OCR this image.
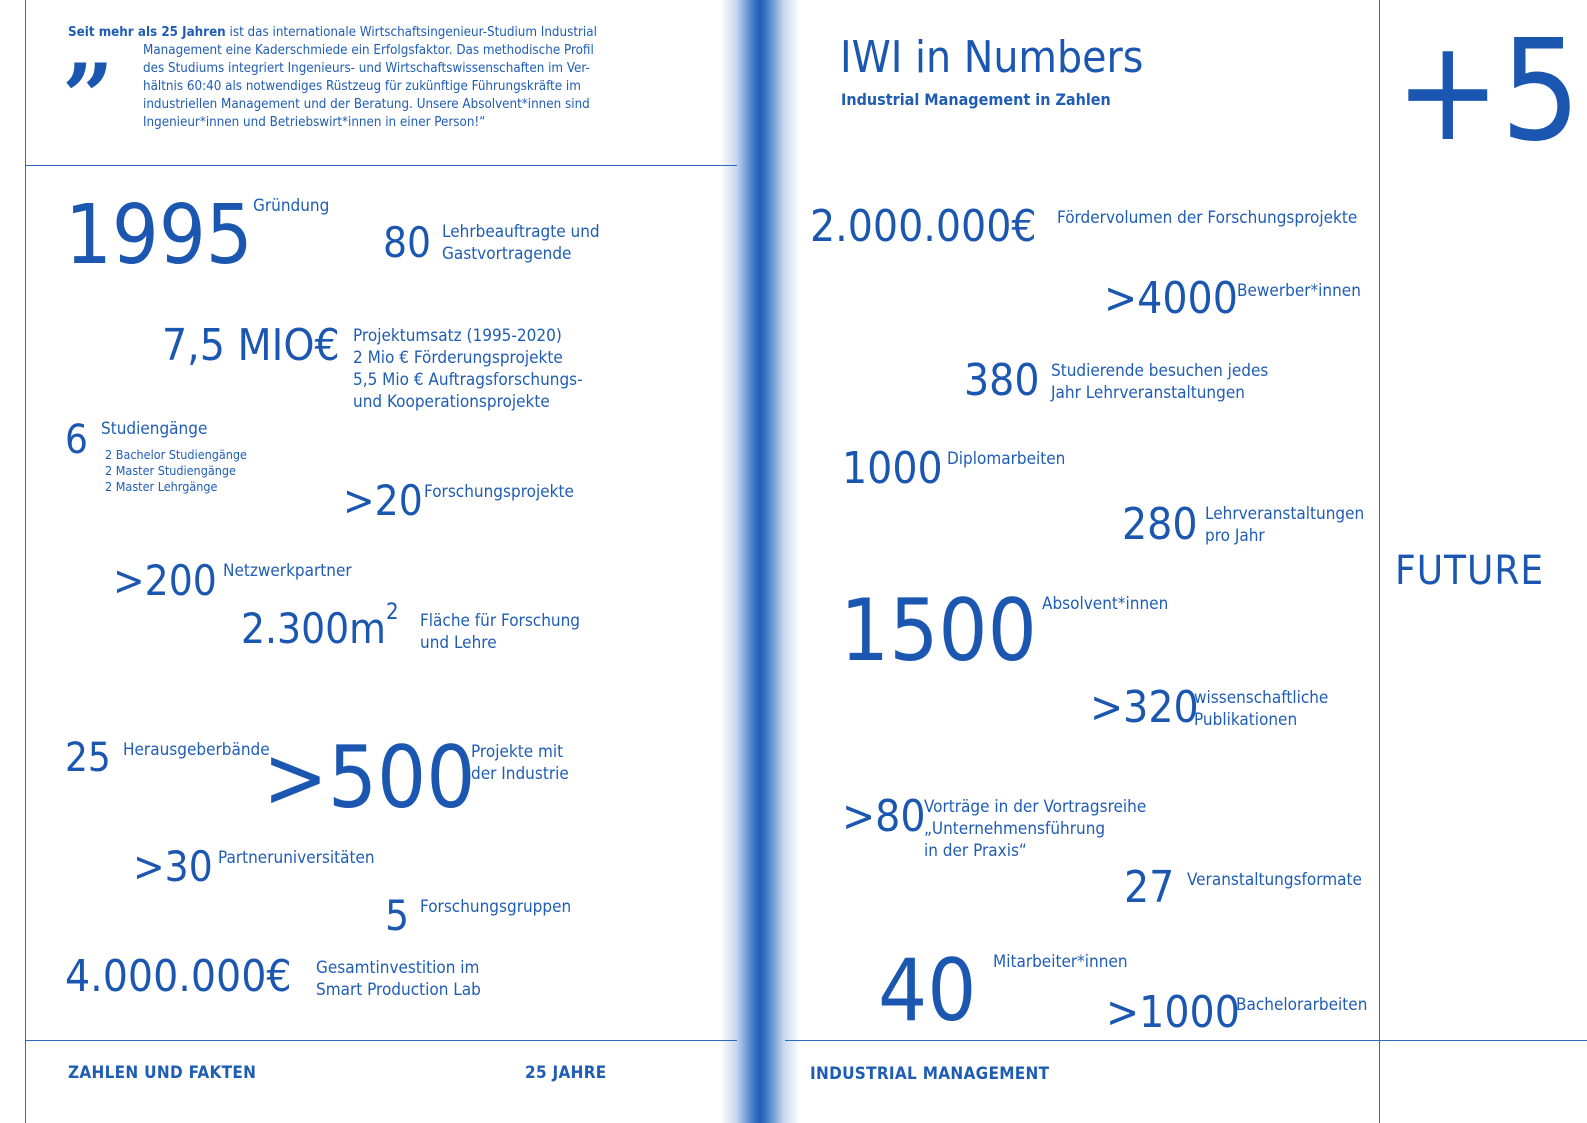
”
Seit mehr als 25 Jahren ist das internationale Wirtschaftsingenieur-Studium Industrial
Management eine Kaderschmiede ein Erfolgsfaktor. Das methodische Profil
des Studiums integriert Ingenieurs- und Wirtschaftswissenschaften im Ver-
hältnis 60:40 als notwendiges Rüstzeug für zukünftige Führungskräfte im
industriellen Management und der Beratung. Unsere Absolvent*innen sind
Ingenieur*innen und Betriebswirt*innen in einer Person!“
1995 Gründung
80 Lehrbeauftragte und
Gastvortragende
7,5 MIO€ Projektumsatz (1995-2020)
2 Mio € Förderungsprojekte
5,5 Mio € Auftragsforschungs-
und Kooperationsprojekte
6 Studiengänge
2 Bachelor Studiengänge
2 Master Studiengänge
2 Master Lehrgänge	>20 Forschungsprojekte
>200 Netzwerkpartner
$2.300m^2$ Fläche für Forschung
und Lehre
25 Herausgeberbände
>500
Projekte mit
der Industrie
>30 Partneruniversitäten
5 Forschungsgruppen
4.000.000€ Gesamtinvestition im
Smart Production Lab
IWI in Numbers
Industrial Management in Zahlen
2.000.000€ Fördervolumen der Forschungsprojekte
>4000 Bewerber*innen
380 Studierende besuchen jedes
Jahr Lehrveranstaltungen
1000 Diplomarbeiten
280 Lehrveranstaltungen
pro Jahr
1500 Absolvent*innen
>320
wissenschaftliche
Publikationen
>80
Vorträge in der Vortragsreihe
„Unternehmensführung
in der Praxis“
27 Veranstaltungsformate
40 Mitarbeiter*innen
>1000
Bachelorarbeiten
+5
FUTURE
ZAHLEN UND FAKTEN	25 JAHRE	INDUSTRIAL MANAGEMENT
